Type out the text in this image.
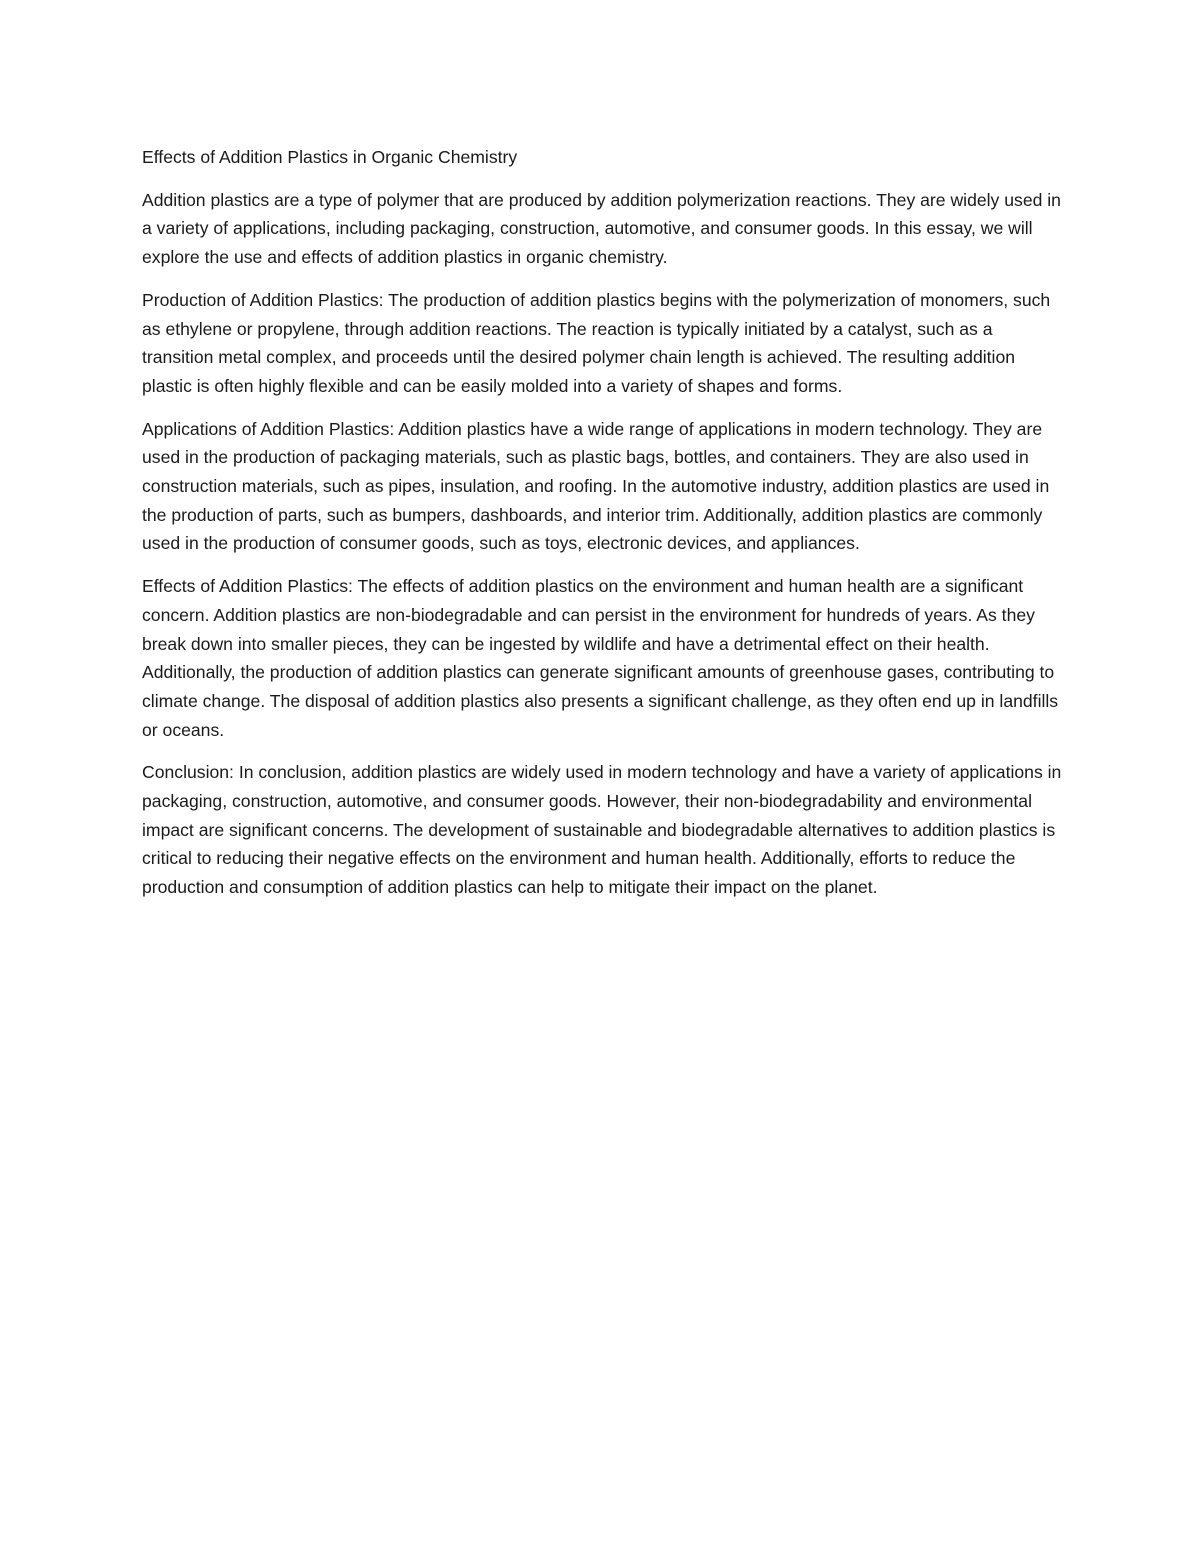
Effects of Addition Plastics in Organic Chemistry

Addition plastics are a type of polymer that are produced by addition polymerization reactions. They are widely used in a variety of applications, including packaging, construction, automotive, and consumer goods. In this essay, we will explore the use and effects of addition plastics in organic chemistry.

Production of Addition Plastics: The production of addition plastics begins with the polymerization of monomers, such as ethylene or propylene, through addition reactions. The reaction is typically initiated by a catalyst, such as a transition metal complex, and proceeds until the desired polymer chain length is achieved. The resulting addition plastic is often highly flexible and can be easily molded into a variety of shapes and forms.

Applications of Addition Plastics: Addition plastics have a wide range of applications in modern technology. They are used in the production of packaging materials, such as plastic bags, bottles, and containers. They are also used in construction materials, such as pipes, insulation, and roofing. In the automotive industry, addition plastics are used in the production of parts, such as bumpers, dashboards, and interior trim. Additionally, addition plastics are commonly used in the production of consumer goods, such as toys, electronic devices, and appliances.

Effects of Addition Plastics: The effects of addition plastics on the environment and human health are a significant concern. Addition plastics are non-biodegradable and can persist in the environment for hundreds of years. As they break down into smaller pieces, they can be ingested by wildlife and have a detrimental effect on their health. Additionally, the production of addition plastics can generate significant amounts of greenhouse gases, contributing to climate change. The disposal of addition plastics also presents a significant challenge, as they often end up in landfills or oceans.

Conclusion: In conclusion, addition plastics are widely used in modern technology and have a variety of applications in packaging, construction, automotive, and consumer goods. However, their non-biodegradability and environmental impact are significant concerns. The development of sustainable and biodegradable alternatives to addition plastics is critical to reducing their negative effects on the environment and human health. Additionally, efforts to reduce the production and consumption of addition plastics can help to mitigate their impact on the planet.
